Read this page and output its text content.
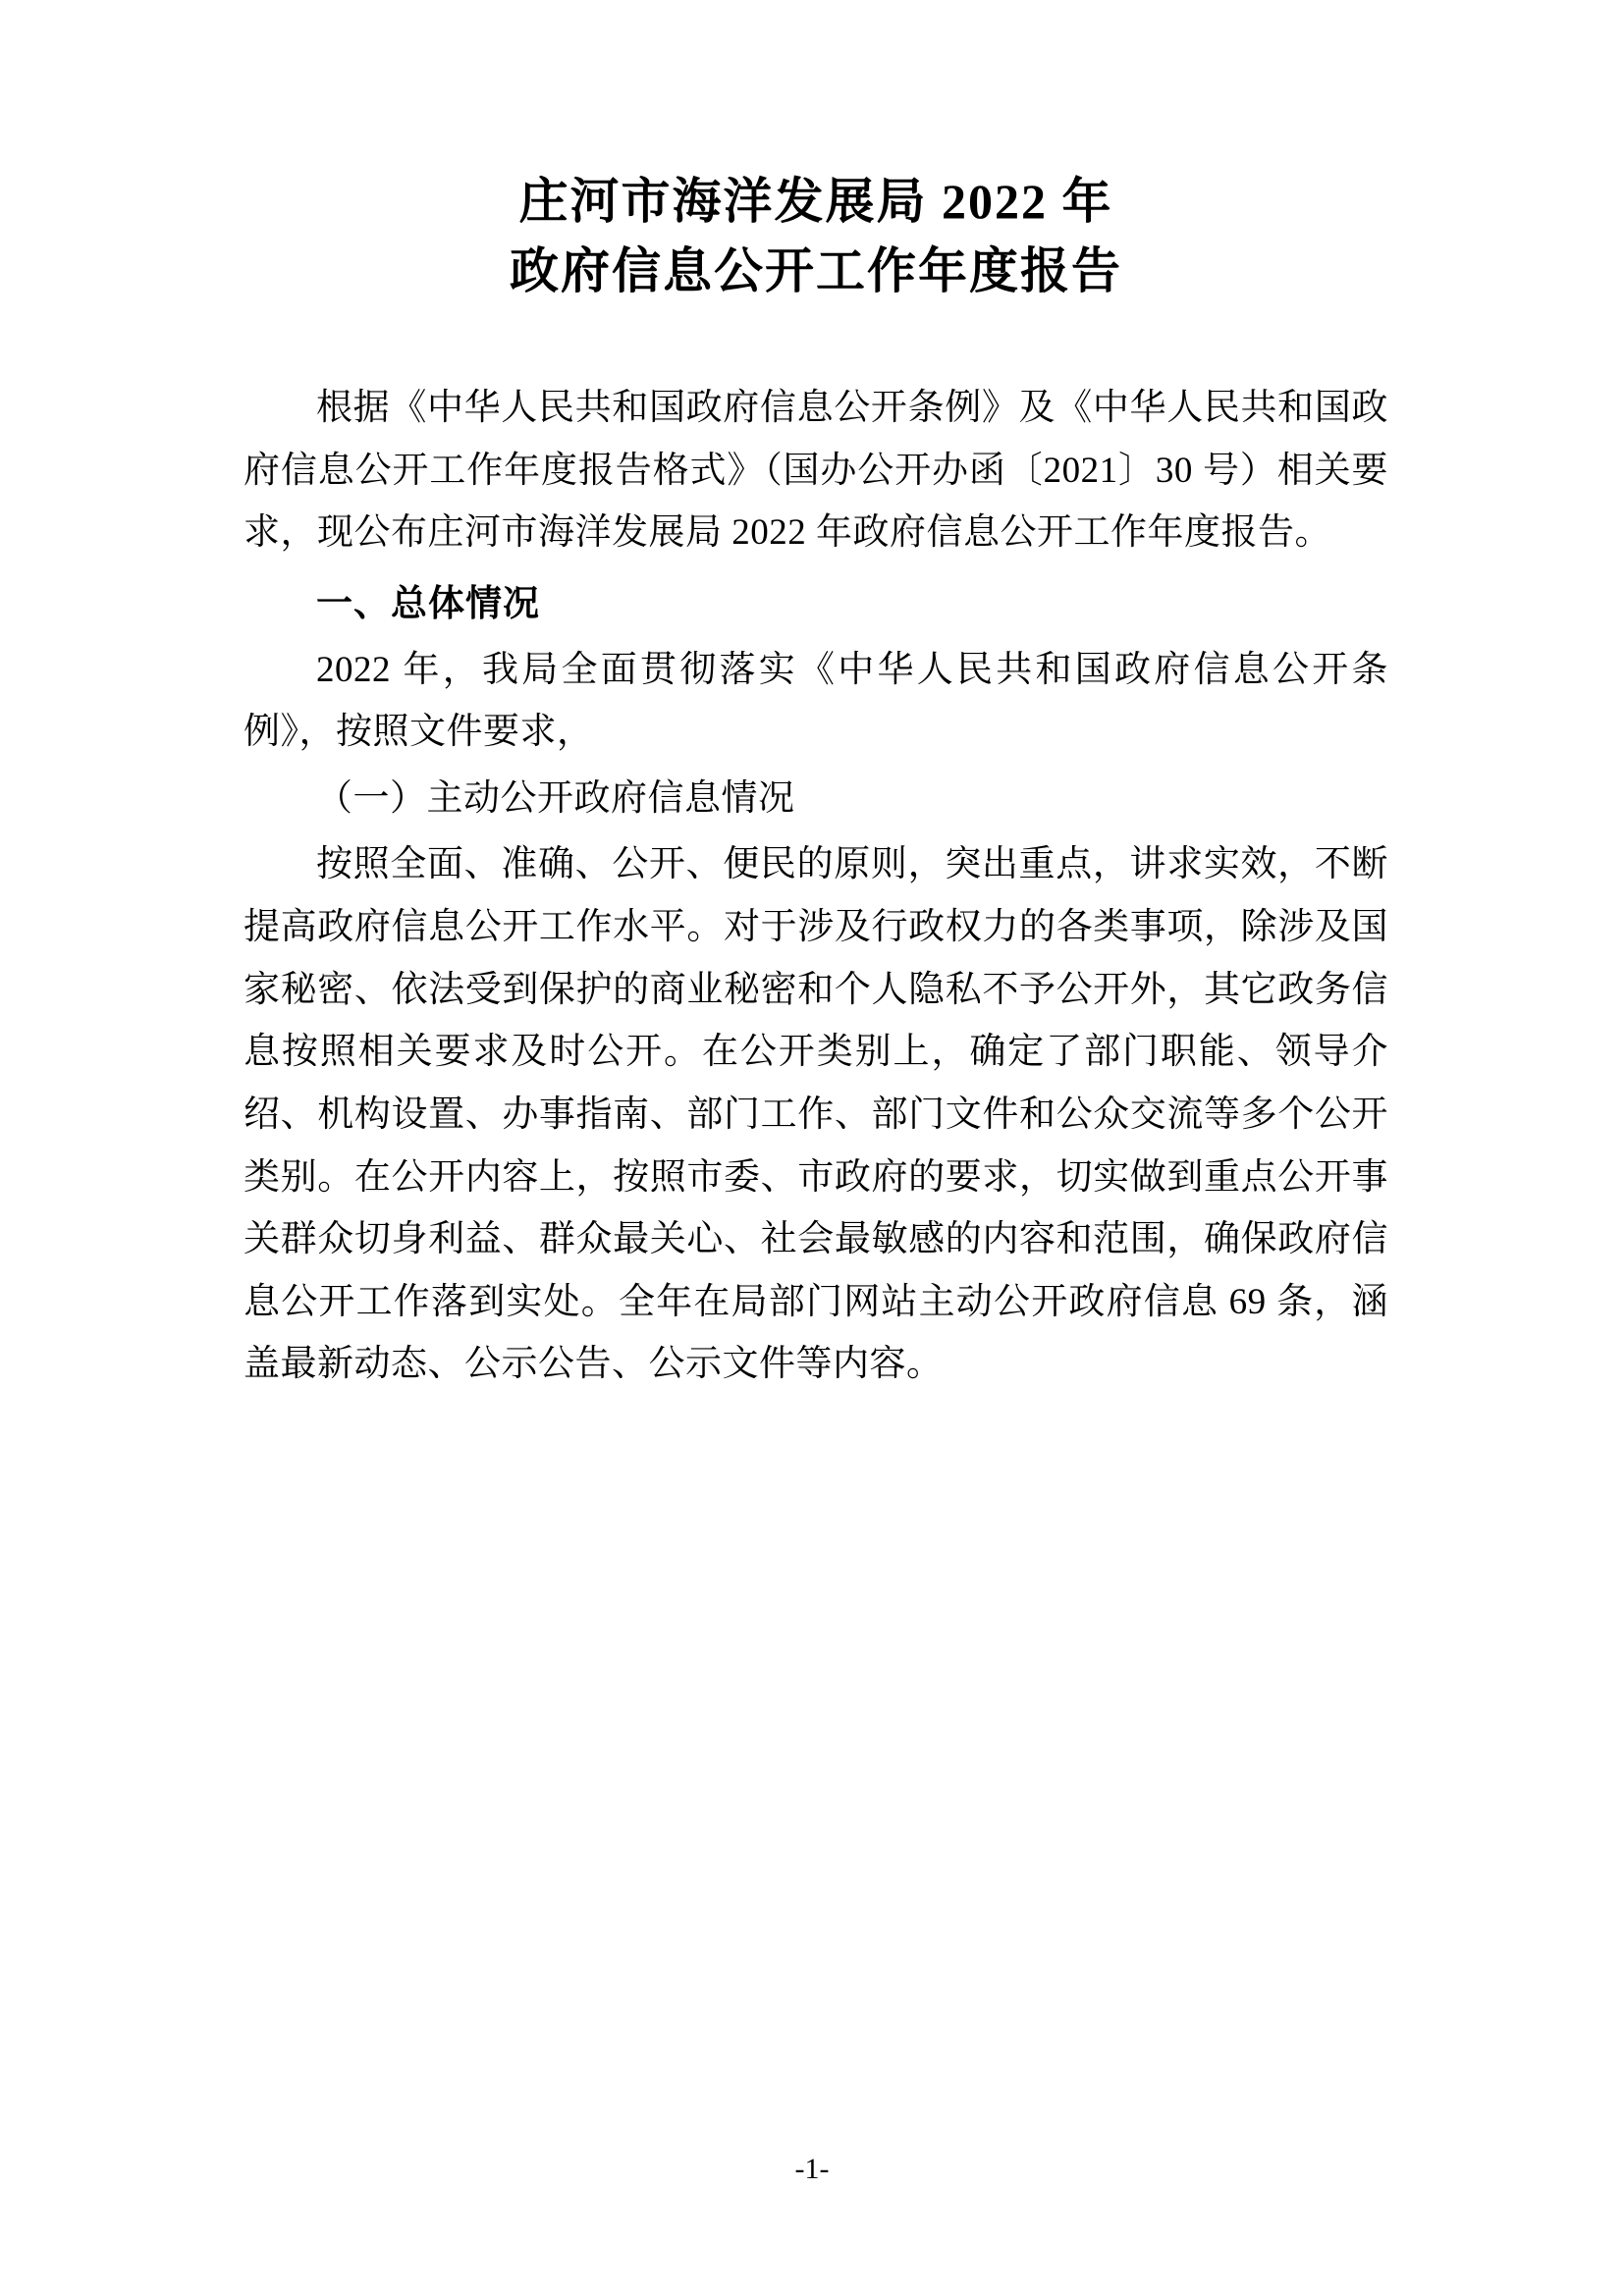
庄河市海洋发展局 2022 年
政府信息公开工作年度报告

根据《中华人民共和国政府信息公开条例》及《中华人民共和国政府信息公开工作年度报告格式》（国办公开办函〔2021〕30 号）相关要求，现公布庄河市海洋发展局 2022 年政府信息公开工作年度报告。

一、总体情况

2022 年，我局全面贯彻落实《中华人民共和国政府信息公开条例》，按照文件要求，

（一）主动公开政府信息情况

按照全面、准确、公开、便民的原则，突出重点，讲求实效，不断提高政府信息公开工作水平。对于涉及行政权力的各类事项，除涉及国家秘密、依法受到保护的商业秘密和个人隐私不予公开外，其它政务信息按照相关要求及时公开。在公开类别上，确定了部门职能、领导介绍、机构设置、办事指南、部门工作、部门文件和公众交流等多个公开类别。在公开内容上，按照市委、市政府的要求，切实做到重点公开事关群众切身利益、群众最关心、社会最敏感的内容和范围，确保政府信息公开工作落到实处。全年在局部门网站主动公开政府信息 69 条，涵盖最新动态、公示公告、公示文件等内容。

-1-
